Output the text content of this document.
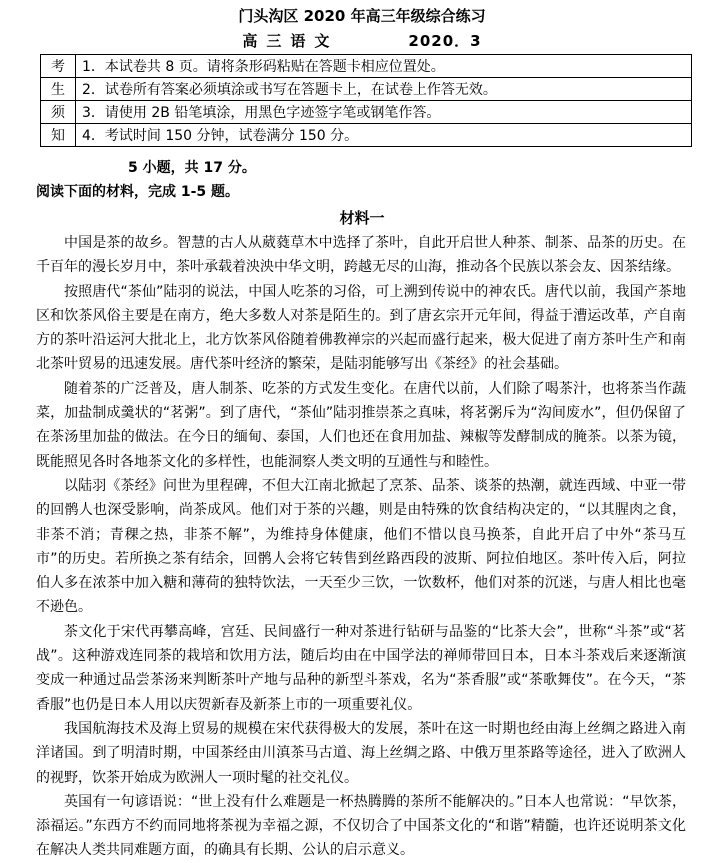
门头沟区 2020 年高三年级综合练习
高三语文	2020．3
考	1．本试卷共 8 页。请将条形码粘贴在答题卡相应位置处。
生	2．试卷所有答案必须填涂或书写在答题卡上，在试卷上作答无效。
须	3．请使用 2B 铅笔填涂，用黑色字迹签字笔或钢笔作答。
知	4．考试时间 150 分钟，试卷满分 150 分。
5 小题，共 17 分。
阅读下面的材料，完成 1-5 题。
材料一

中国是茶的故乡。智慧的古人从葳蕤草木中选择了茶叶，自此开启世人种茶、制茶、品茶的历史。在千百年的漫长岁月中，茶叶承载着泱泱中华文明，跨越无尽的山海，推动各个民族以茶会友、因茶结缘。

按照唐代“茶仙”陆羽的说法，中国人吃茶的习俗，可上溯到传说中的神农氏。唐代以前，我国产茶地区和饮茶风俗主要是在南方，绝大多数人对茶是陌生的。到了唐玄宗开元年间，得益于漕运改革，产自南方的茶叶沿运河大批北上，北方饮茶风俗随着佛教禅宗的兴起而盛行起来，极大促进了南方茶叶生产和南北茶叶贸易的迅速发展。唐代茶叶经济的繁荣，是陆羽能够写出《茶经》的社会基础。

随着茶的广泛普及，唐人制茶、吃茶的方式发生变化。在唐代以前，人们除了喝茶汁，也将茶当作蔬菜，加盐制成羹状的“茗粥”。到了唐代，“茶仙”陆羽推崇茶之真味，将茗粥斥为“沟间废水”，但仍保留了在茶汤里加盐的做法。在今日的缅甸、泰国，人们也还在食用加盐、辣椒等发酵制成的腌茶。以茶为镜，既能照见各时各地茶文化的多样性，也能洞察人类文明的互通性与和睦性。

以陆羽《茶经》问世为里程碑，不但大江南北掀起了烹茶、品茶、谈茶的热潮，就连西域、中亚一带的回鹘人也深受影响，尚茶成风。他们对于茶的兴趣，则是由特殊的饮食结构决定的，“以其腥肉之食，非茶不消；青稞之热，非茶不解”，为维持身体健康，他们不惜以良马换茶，自此开启了中外“茶马互市”的历史。若所换之茶有结余，回鹘人会将它转售到丝路西段的波斯、阿拉伯地区。茶叶传入后，阿拉伯人多在浓茶中加入糖和薄荷的独特饮法，一天至少三饮，一饮数杯，他们对茶的沉迷，与唐人相比也毫不逊色。

茶文化于宋代再攀高峰，宫廷、民间盛行一种对茶进行钻研与品鉴的“比茶大会”，世称“斗茶”或“茗战”。这种游戏连同茶的栽培和饮用方法，随后均由在中国学法的禅师带回日本，日本斗茶戏后来逐渐演变成一种通过品尝茶汤来判断茶叶产地与品种的新型斗茶戏，名为“茶香服”或“茶歌舞伎”。在今天，“茶香服”也仍是日本人用以庆贺新春及新茶上市的一项重要礼仪。

我国航海技术及海上贸易的规模在宋代获得极大的发展，茶叶在这一时期也经由海上丝绸之路进入南洋诸国。到了明清时期，中国茶经由川滇茶马古道、海上丝绸之路、中俄万里茶路等途径，进入了欧洲人的视野，饮茶开始成为欧洲人一项时髦的社交礼仪。

英国有一句谚语说：“世上没有什么难题是一杯热腾腾的茶所不能解决的。”日本人也常说：“早饮茶，添福运。”东西方不约而同地将茶视为幸福之源，不仅切合了中国茶文化的“和谐”精髓，也许还说明茶文化在解决人类共同难题方面，的确具有长期、公认的启示意义。
